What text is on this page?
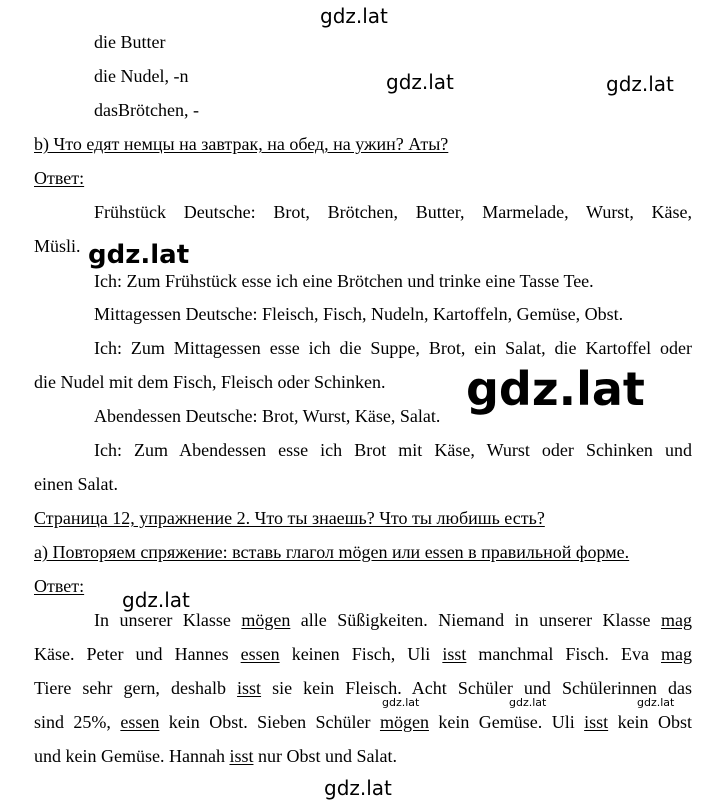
gdz.lat
gdz.lat	gdz.lat
gdz.lat
gdz.lat
gdz.lat
gdz.lat	gdz.lat	gdz.lat
gdz.lat
die Butter
die Nudel, -n
dasBrötchen, -
b) Что едят немцы на завтрак, на обед, на ужин? Аты?
Ответ:
Frühstück Deutsche: Brot, Brötchen, Butter, Marmelade, Wurst, Käse,
Müsli.
Ich: Zum Frühstück esse ich eine Brötchen und trinke eine Tasse Tee.
Mittagessen Deutsche: Fleisch, Fisch, Nudeln, Kartoffeln, Gemüse, Obst.
Ich: Zum Mittagessen esse ich die Suppe, Brot, ein Salat, die Kartoffel oder
die Nudel mit dem Fisch, Fleisch oder Schinken.
Abendessen Deutsche: Brot, Wurst, Käse, Salat.
Ich: Zum Abendessen esse ich Brot mit Käse, Wurst oder Schinken und
einen Salat.
Страница 12, упражнение 2. Что ты знаешь? Что ты любишь есть?
а) Повторяем спряжение: вставь глагол mögen или essen в правильной форме.
Ответ:
In unserer Klasse mögen alle Süßigkeiten. Niemand in unserer Klasse mag
Käse. Peter und Hannes essen keinen Fisch, Uli isst manchmal Fisch. Eva mag
Tiere sehr gern, deshalb isst sie kein Fleisch. Acht Schüler und Schülerinnen das
sind 25%, essen kein Obst. Sieben Schüler mögen kein Gemüse. Uli isst kein Obst
und kein Gemüse. Hannah isst nur Obst und Salat.
